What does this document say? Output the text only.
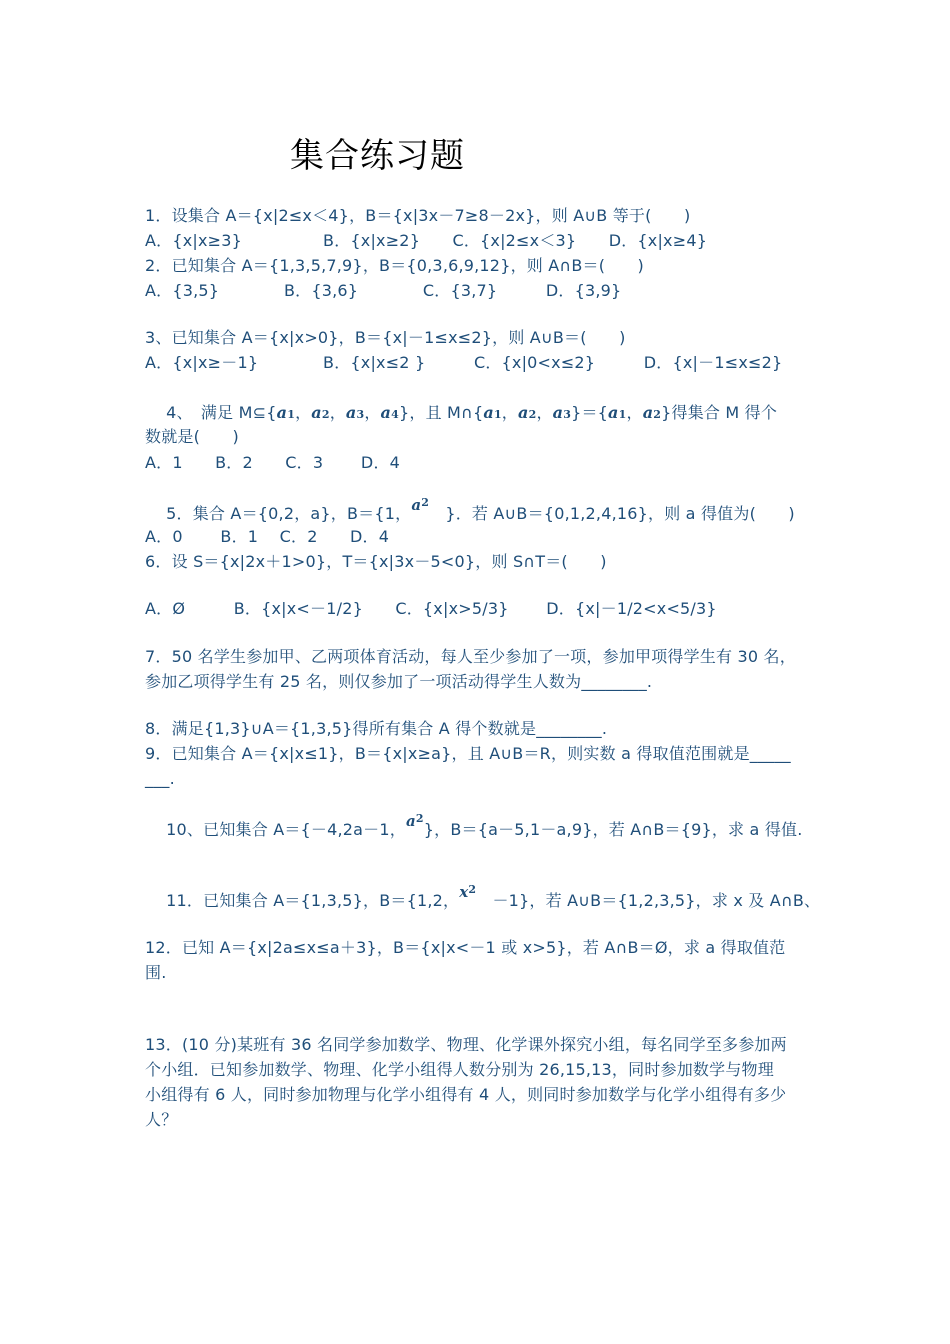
集合练习题
1．设集合 A＝{x|2≤x＜4}，B＝{x|3x－7≥8－2x}，则 A∪B 等于(　　)
A．{x|x≥3}　　　　　B．{x|x≥2}　　C．{x|2≤x＜3}　　D．{x|x≥4}
2．已知集合 A＝{1,3,5,7,9}，B＝{0,3,6,9,12}，则 A∩B＝(　　)
A．{3,5}　　　　B．{3,6}　　　　C．{3,7}　　　D．{3,9}
3、已知集合 A＝{x|x>0}，B＝{x|－1≤x≤2}，则 A∪B＝(　　)
A．{x|x≥－1}　　　　B．{x|x≤2 }　　　C．{x|0<x≤2}　　　D．{x|－1≤x≤2}

4、　满足 M⊆{a1，a2，a3，a4}，且 M∩{a1，a2，a3}＝{a1，a2}得集合 M 得个

数就是(　　)
A．1　　B．2　　C．3　　 D．4

5．集合 A＝{0,2，a}，B＝{1，$a^2$　}．若 A∪B＝{0,1,2,4,16}，则 a 得值为(　　)

A．0　　 B．1　 C．2　　D．4
6．设 S＝{x|2x＋1>0}，T＝{x|3x－5<0}，则 S∩T＝(　　)
A．Ø　　　B．{x|x<－1/2}　　C．{x|x>5/3}　　 D．{x|－1/2<x<5/3}
7．50 名学生参加甲、乙两项体育活动，每人至少参加了一项，参加甲项得学生有 30 名，
参加乙项得学生有 25 名，则仅参加了一项活动得学生人数为________.
8．满足{1,3}∪A＝{1,3,5}得所有集合 A 得个数就是________.
9．已知集合 A＝{x|x≤1}，B＝{x|x≥a}，且 A∪B＝R，则实数 a 得取值范围就是_____
___.

10、已知集合 A＝{－4,2a－1，$a^2$}，B＝{a－5,1－a,9}，若 A∩B＝{9}，求 a 得值.

11．已知集合 A＝{1,3,5}，B＝{1,2，$x^2$　－1}，若 A∪B＝{1,2,3,5}，求 x 及 A∩B、

12．已知 A＝{x|2a≤x≤a＋3}，B＝{x|x<－1 或 x>5}，若 A∩B＝Ø，求 a 得取值范
围.
13．(10 分)某班有 36 名同学参加数学、物理、化学课外探究小组，每名同学至多参加两
个小组．已知参加数学、物理、化学小组得人数分别为 26,15,13，同时参加数学与物理
小组得有 6 人，同时参加物理与化学小组得有 4 人，则同时参加数学与化学小组得有多少
人？
